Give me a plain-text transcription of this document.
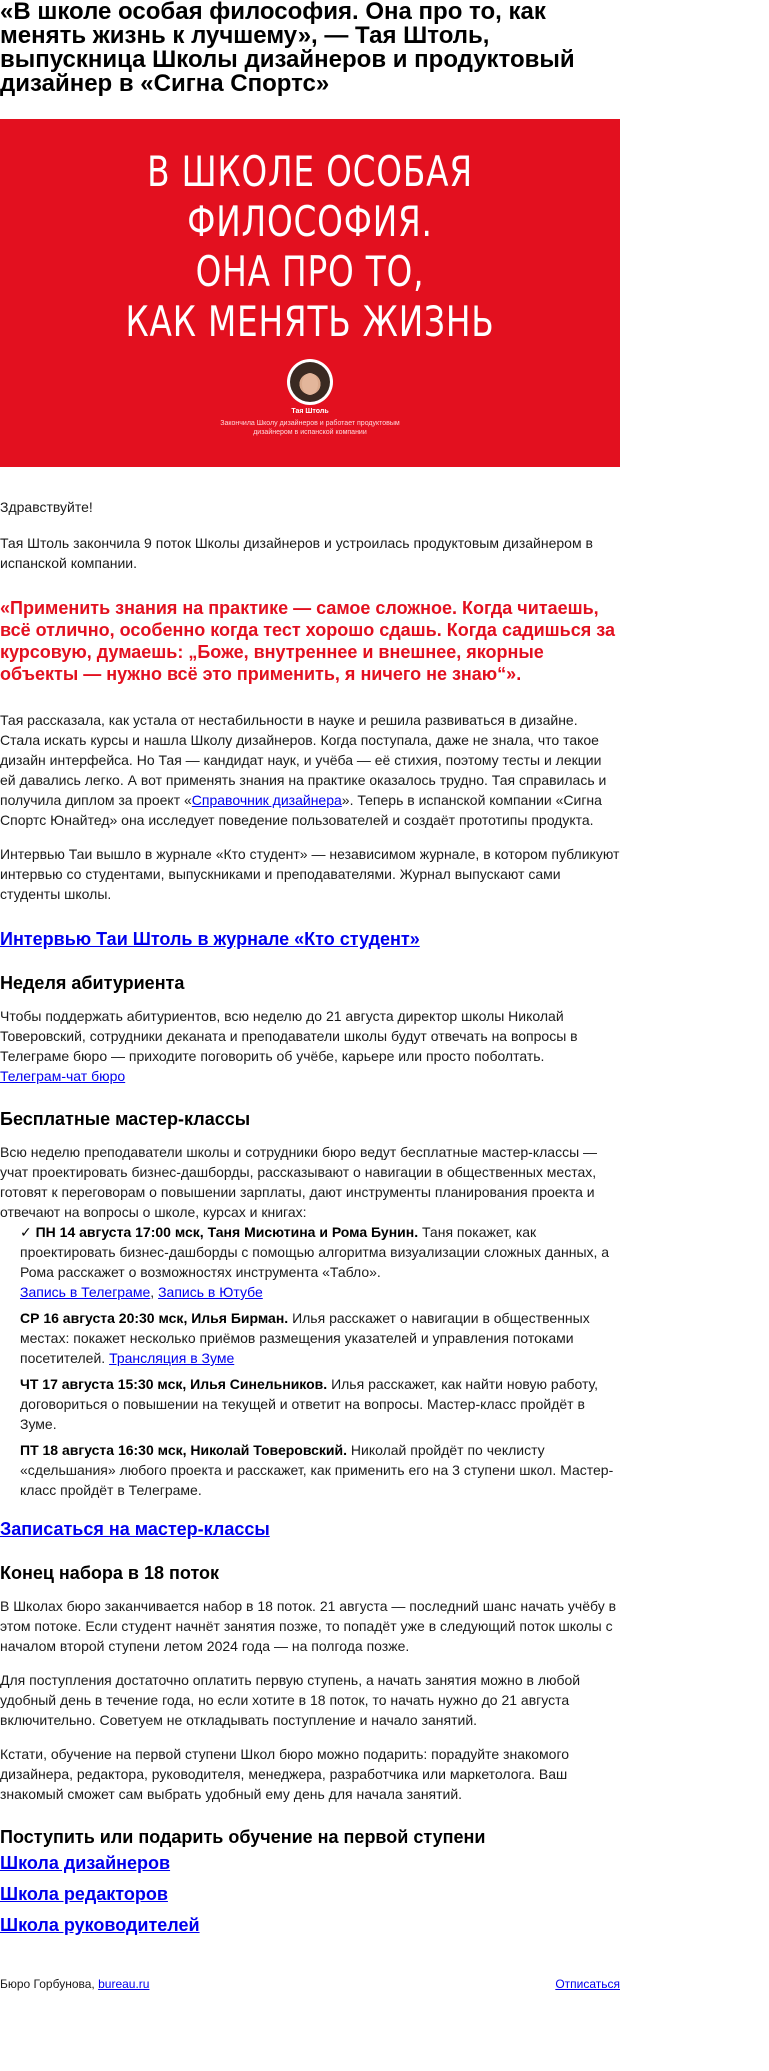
«В школе особая философия. Она про то, как менять жизнь к лучшему», — Тая Штоль, выпускница Школы дизайнеров и продуктовый дизайнер в «Сигна Спортс»
В ШКОЛЕ ОСОБАЯ
ФИЛОСОФИЯ.
ОНА ПРО ТО,
КАК МЕНЯТЬ ЖИЗНЬ
Тая Штоль
Закончила Школу дизайнеров и работает продуктовым дизайнером в испанской компании

Здравствуйте!

Тая Штоль закончила 9 поток Школы дизайнеров и устроилась продуктовым дизайнером в испанской компании.

«Применить знания на практике — самое сложное. Когда читаешь, всё отлично, особенно когда тест хорошо сдашь. Когда садишься за курсовую, думаешь: „Боже, внутреннее и внешнее, якорные объекты — нужно всё это применить, я ничего не знаю“».

Тая рассказала, как устала от нестабильности в науке и решила развиваться в дизайне. Стала искать курсы и нашла Школу дизайнеров. Когда поступала, даже не знала, что такое дизайн интерфейса. Но Тая — кандидат наук, и учёба — её стихия, поэтому тесты и лекции ей давались легко. А вот применять знания на практике оказалось трудно. Тая справилась и получила диплом за проект «Справочник дизайнера». Теперь в испанской компании «Сигна Спортс Юнайтед» она исследует поведение пользователей и создаёт прототипы продукта.

Интервью Таи вышло в журнале «Кто студент» — независимом журнале, в котором публикуют интервью со студентами, выпускниками и преподавателями. Журнал выпускают сами студенты школы.

Интервью Таи Штоль в журнале «Кто студент»
Неделя абитуриента

Чтобы поддержать абитуриентов, всю неделю до 21 августа директор школы Николай Товеровский, сотрудники деканата и преподаватели школы будут отвечать на вопросы в Телеграме бюро — приходите поговорить об учёбе, карьере или просто поболтать.

Телеграм-чат бюро

Бесплатные мастер-классы

Всю неделю преподаватели школы и сотрудники бюро ведут бесплатные мастер-классы — учат проектировать бизнес-дашборды, рассказывают о навигации в общественных местах, готовят к переговорам о повышении зарплаты, дают инструменты планирования проекта и отвечают на вопросы о школе, курсах и книгах:

✓ ПН 14 августа 17:00 мск, Таня Мисютина и Рома Бунин. Таня покажет, как проектировать бизнес-дашборды с помощью алгоритма визуализации сложных данных, а Рома расскажет о возможностях инструмента «Табло».
Запись в Телеграме, Запись в Ютубе
СР 16 августа 20:30 мск, Илья Бирман. Илья расскажет о навигации в общественных местах: покажет несколько приёмов размещения указателей и управления потоками посетителей. Трансляция в Зуме
ЧТ 17 августа 15:30 мск, Илья Синельников. Илья расскажет, как найти новую работу, договориться о повышении на текущей и ответит на вопросы. Мастер-класс пройдёт в Зуме.
ПТ 18 августа 16:30 мск, Николай Товеровский. Николай пройдёт по чеклисту «сдельшания» любого проекта и расскажет, как применить его на 3 ступени школ. Мастер-класс пройдёт в Телеграме.
Записаться на мастер-классы
Конец набора в 18 поток

В Школах бюро заканчивается набор в 18 поток. 21 августа — последний шанс начать учёбу в этом потоке. Если студент начнёт занятия позже, то попадёт уже в следующий поток школы с началом второй ступени летом 2024 года — на полгода позже.

Для поступления достаточно оплатить первую ступень, а начать занятия можно в любой удобный день в течение года, но если хотите в 18 поток, то начать нужно до 21 августа включительно. Советуем не откладывать поступление и начало занятий.

Кстати, обучение на первой ступени Школ бюро можно подарить: порадуйте знакомого дизайнера, редактора, руководителя, менеджера, разработчика или маркетолога. Ваш знакомый сможет сам выбрать удобный ему день для начала занятий.

Поступить или подарить обучение на первой ступени
Школа дизайнеров
Школа редакторов
Школа руководителей
Бюро Горбунова, bureau.ru	Отписаться
